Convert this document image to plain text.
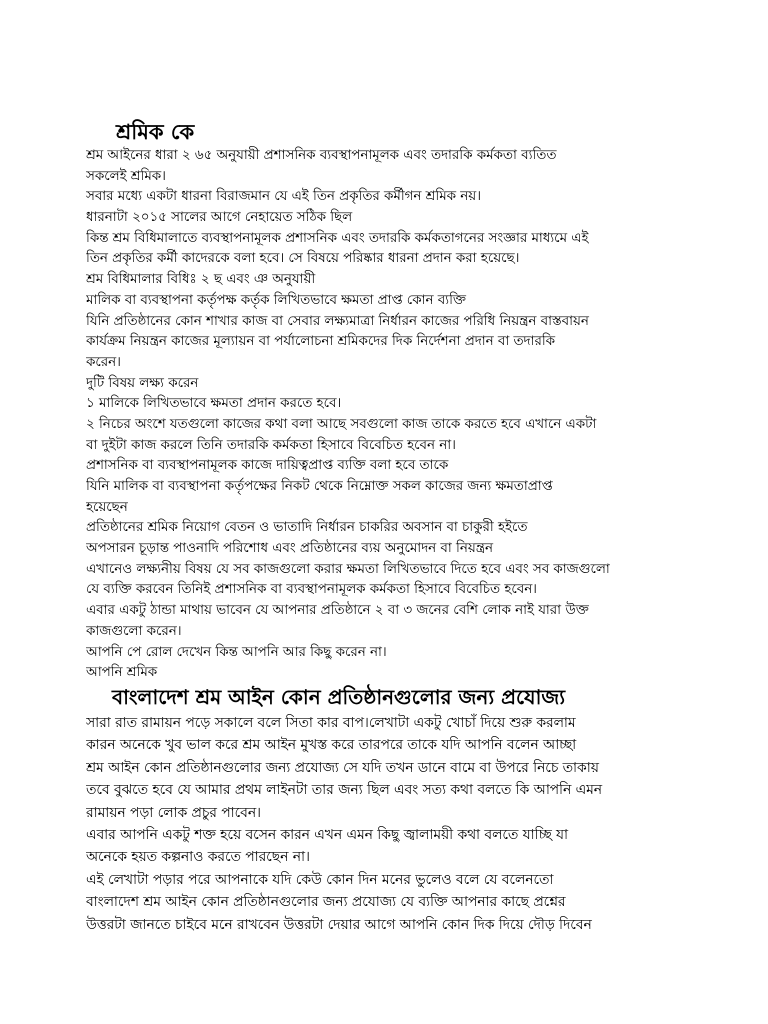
শ্রমিক কে
শ্রম আইনের ধারা ২ ৬৫ অনুযায়ী প্রশাসনিক ব্যবস্থাপনামূলক এবং তদারকি কর্মকতা ব্যতিত
সকলেই শ্রমিক।
সবার মধ্যে একটা ধারনা বিরাজমান যে এই তিন প্রকৃতির কর্মীগন শ্রমিক নয়।
ধারনাটা ২০১৫ সালের আগে নেহায়েত সঠিক ছিল
কিন্ত শ্রম বিধিমালাতে ব্যবস্থাপনামূলক প্রশাসনিক এবং তদারকি কর্মকতাগনের সংজ্ঞার মাধ্যমে এই
তিন প্রকৃতির কর্মী কাদেরকে বলা হবে। সে বিষয়ে পরিষ্কার ধারনা প্রদান করা হয়েছে।
শ্রম বিধিমালার বিধিঃ ২ ছ এবং ঞ অনুযায়ী
মালিক বা ব্যবস্থাপনা কর্তৃপক্ষ কর্তৃক লিখিতভাবে ক্ষমতা প্রাপ্ত কোন ব্যক্তি
যিনি প্রতিষ্ঠানের কোন শাখার কাজ বা সেবার লক্ষ্যমাত্রা নির্ধারন কাজের পরিধি নিয়ন্ত্রন বাস্তবায়ন
কার্যক্রম নিয়ন্ত্রন কাজের মূল্যায়ন বা পর্যালোচনা শ্রমিকদের দিক নির্দেশনা প্রদান বা তদারকি
করেন।
দুটি বিষয় লক্ষ্য করেন
১ মালিকে লিখিতভাবে ক্ষমতা প্রদান করতে হবে।
২ নিচের অংশে যতগুলো কাজের কথা বলা আছে সবগুলো কাজ তাকে করতে হবে এখানে একটা
বা দুইটা কাজ করলে তিনি তদারকি কর্মকতা হিসাবে বিবেচিত হবেন না।
প্রশাসনিক বা ব্যবস্থাপনামূলক কাজে দায়িত্বপ্রাপ্ত ব্যক্তি বলা হবে তাকে
যিনি মালিক বা ব্যবস্থাপনা কর্তৃপক্ষের নিকট থেকে নিম্নোক্ত সকল কাজের জন্য ক্ষমতাপ্রাপ্ত
হয়েছেন
প্রতিষ্ঠানের শ্রমিক নিয়োগ বেতন ও ভাতাদি নির্ধারন চাকরির অবসান বা চাকুরী হইতে
অপসারন চূড়ান্ত পাওনাদি পরিশোধ এবং প্রতিষ্ঠানের ব্যয় অনুমোদন বা নিয়ন্ত্রন
এখানেও লক্ষ্যনীয় বিষয় যে সব কাজগুলো করার ক্ষমতা লিখিতভাবে দিতে হবে এবং সব কাজগুলো
যে ব্যক্তি করবেন তিনিই প্রশাসনিক বা ব্যবস্থাপনামূলক কর্মকতা হিসাবে বিবেচিত হবেন।
এবার একটু ঠান্ডা মাথায় ভাবেন যে আপনার প্রতিষ্ঠানে ২ বা ৩ জনের বেশি লোক নাই যারা উক্ত
কাজগুলো করেন।
আপনি পে রোল দেখেন কিন্ত আপনি আর কিছু করেন না।
আপনি শ্রমিক
বাংলাদেশ শ্রম আইন কোন প্রতিষ্ঠানগুলোর জন্য প্রযোজ্য
সারা রাত রামায়ন পড়ে সকালে বলে সিতা কার বাপ।লেখাটা একটু খোচাঁ দিয়ে শুরু করলাম
কারন অনেকে খুব ভাল করে শ্রম আইন মুখস্ত করে তারপরে তাকে যদি আপনি বলেন আচ্ছা
শ্রম আইন কোন প্রতিষ্ঠানগুলোর জন্য প্রযোজ্য সে যদি তখন ডানে বামে বা উপরে নিচে তাকায়
তবে বুঝতে হবে যে আমার প্রথম লাইনটা তার জন্য ছিল এবং সত্য কথা বলতে কি আপনি এমন
রামায়ন পড়া লোক প্রচুর পাবেন।
এবার আপনি একটু শক্ত হয়ে বসেন কারন এখন এমন কিছু জ্বালাময়ী কথা বলতে যাচ্ছি যা
অনেকে হয়ত কল্পনাও করতে পারছেন না।
এই লেখাটা পড়ার পরে আপনাকে যদি কেউ কোন দিন মনের ভুলেও বলে যে বলেনতো
বাংলাদেশ শ্রম আইন কোন প্রতিষ্ঠানগুলোর জন্য প্রযোজ্য যে ব্যক্তি আপনার কাছে প্রশ্নের
উত্তরটা জানতে চাইবে মনে রাখবেন উত্তরটা দেয়ার আগে আপনি কোন দিক দিয়ে দৌড় দিবেন
